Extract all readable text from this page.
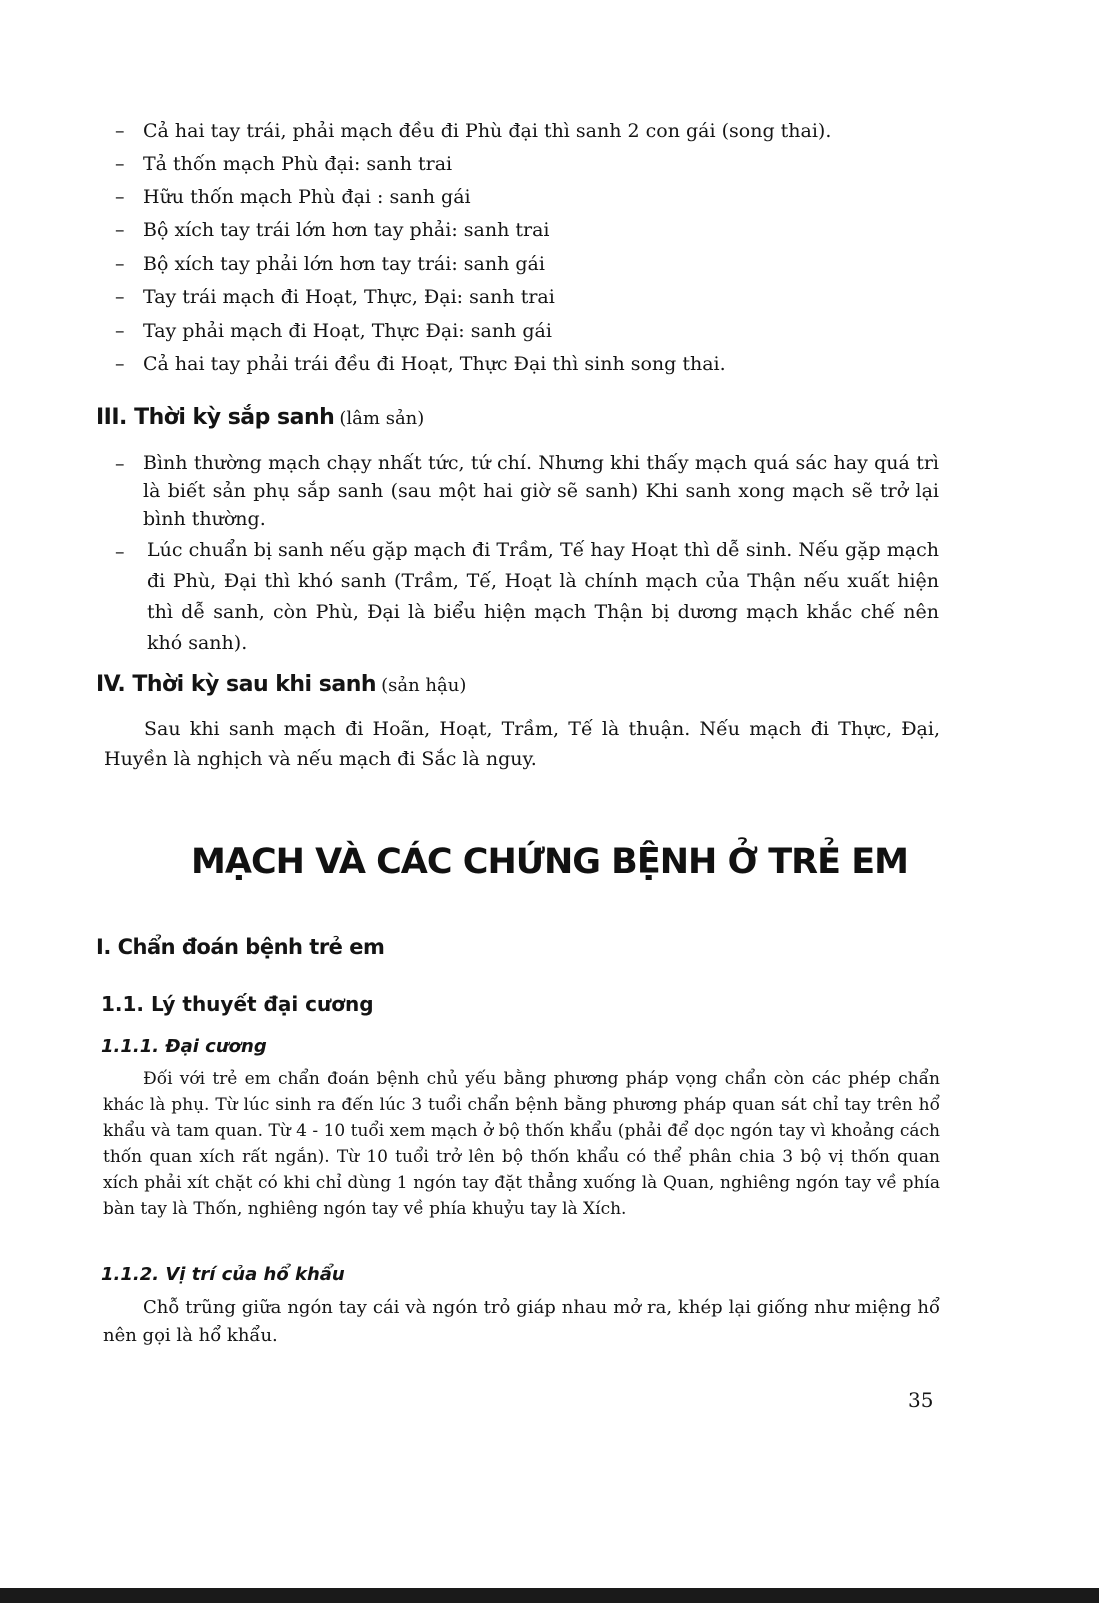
– Cả hai tay trái, phải mạch đều đi Phù đại thì sanh 2 con gái (song thai).
– Tả thốn mạch Phù đại: sanh trai
– Hữu thốn mạch Phù đại : sanh gái
– Bộ xích tay trái lớn hơn tay phải: sanh trai
– Bộ xích tay phải lớn hơn tay trái: sanh gái
– Tay trái mạch đi Hoạt, Thực, Đại: sanh trai
– Tay phải mạch đi Hoạt, Thực Đại: sanh gái
– Cả hai tay phải trái đều đi Hoạt, Thực Đại thì sinh song thai.
III. Thời kỳ sắp sanh (lâm sản)
– Bình thường mạch chạy nhất tức, tứ chí. Nhưng khi thấy mạch quá sác hay quá trì là biết sản phụ sắp sanh (sau một hai giờ sẽ sanh) Khi sanh xong mạch sẽ trở lại bình thường.
–	Lúc chuẩn bị sanh nếu gặp mạch đi Trầm, Tế hay Hoạt thì dễ sinh. Nếu gặp mạch đi Phù, Đại thì khó sanh (Trầm, Tế, Hoạt là chính mạch của Thận nếu xuất hiện thì dễ sanh, còn Phù, Đại là biểu hiện mạch Thận bị dương mạch khắc chế nên khó sanh).
IV. Thời kỳ sau khi sanh (sản hậu)
Sau khi sanh mạch đi Hoãn, Hoạt, Trầm, Tế là thuận. Nếu mạch đi Thực, Đại, Huyền là nghịch và nếu mạch đi Sắc là nguy.
MẠCH VÀ CÁC CHỨNG BỆNH Ở TRẺ EM
I. Chẩn đoán bệnh trẻ em
1.1. Lý thuyết đại cương
1.1.1. Đại cương
Đối với trẻ em chẩn đoán bệnh chủ yếu bằng phương pháp vọng chẩn còn các phép chẩn khác là phụ. Từ lúc sinh ra đến lúc 3 tuổi chẩn bệnh bằng phương pháp quan sát chỉ tay trên hổ khẩu và tam quan. Từ 4 - 10 tuổi xem mạch ở bộ thốn khẩu (phải để dọc ngón tay vì khoảng cách thốn quan xích rất ngắn). Từ 10 tuổi trở lên bộ thốn khẩu có thể phân chia 3 bộ vị thốn quan xích phải xít chặt có khi chỉ dùng 1 ngón tay đặt thẳng xuống là Quan, nghiêng ngón tay về phía bàn tay là Thốn, nghiêng ngón tay về phía khuỷu tay là Xích.
1.1.2. Vị trí của hổ khẩu
Chỗ trũng giữa ngón tay cái và ngón trỏ giáp nhau mở ra, khép lại giống như miệng hổ nên gọi là hổ khẩu.
35
